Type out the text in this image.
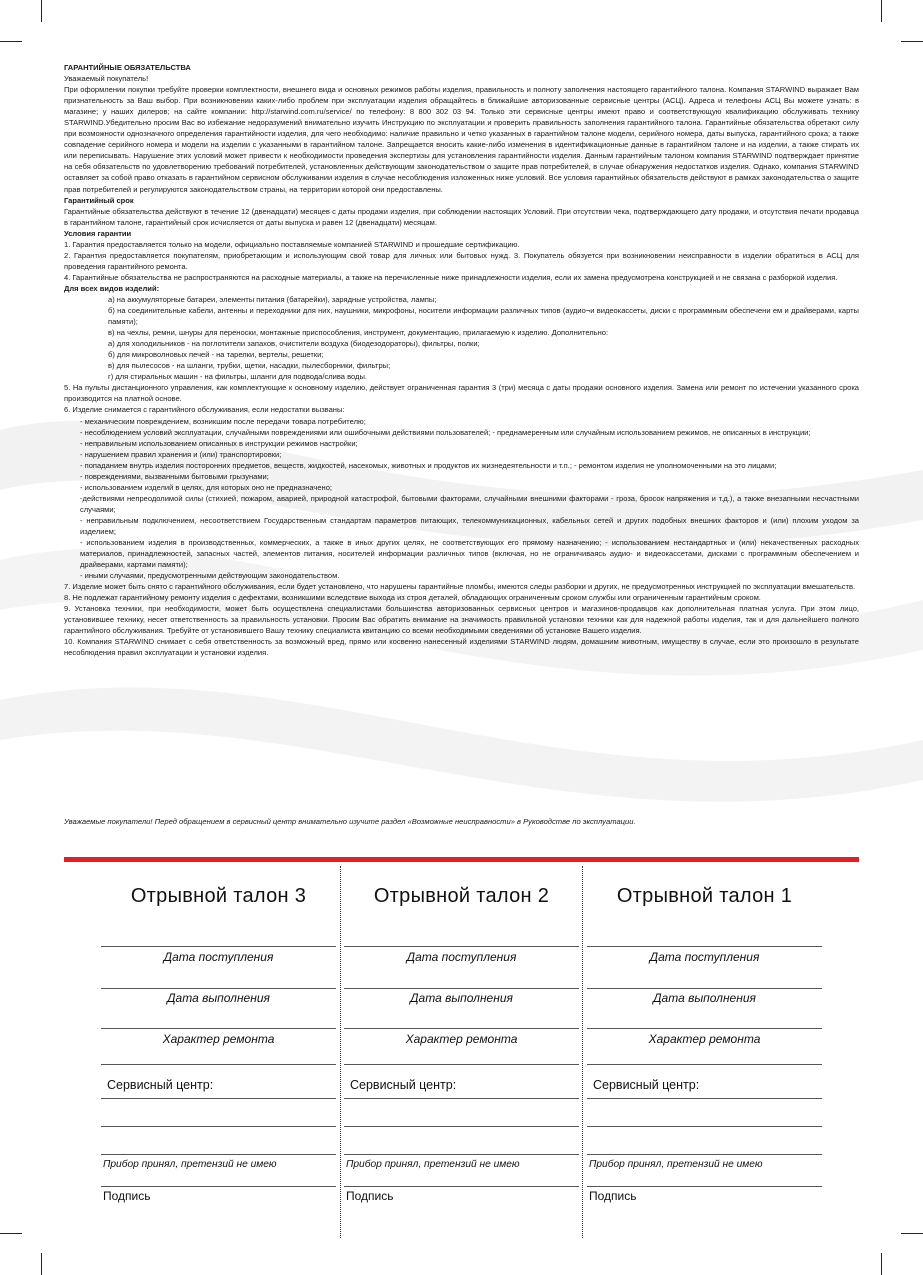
ГАРАНТИЙНЫЕ ОБЯЗАТЕЛЬСТВА

Уважаемый покупатель!

При оформлении покупки требуйте проверки комплектности, внешнего вида и основных режимов работы изделия, правильность и полноту заполнения настоящего гарантийного талона. Компания STARWIND выражает Вам признательность за Ваш выбор. При возникновении каких-либо проблем при эксплуатации изделия обращайтесь в ближайшие авторизованные сервисные центры (АСЦ). Адреса и телефоны АСЦ Вы можете узнать: в магазине; у наших дилеров; на сайте компании: http://starwind.com.ru/service/ по телефону: 8 800 302 03 94. Только эти сервисные центры имеют право и соответствующую квалификацию обслуживать технику STARWIND.Убедительно просим Вас во избежание недоразумений внимательно изучить Инструкцию по эксплуатации и проверить правильность заполнения гарантийного талона. Гарантийные обязательства обретают силу при возможности однозначного определения гарантийности изделия, для чего необходимо: наличие правильно и четко указанных в гарантийном талоне модели, серийного номера, даты выпуска, гарантийного срока; а также совпадение серийного номера и модели на изделии с указанными в гарантийном талоне. Запрещается вносить какие-либо изменения в идентификационные данные в гарантийном талоне и на изделии, а также стирать их или переписывать. Нарушение этих условий может привести к необходимости проведения экспертизы для установления гарантийности изделия. Данным гарантийным талоном компания STARWIND подтверждает принятие на себя обязательств по удовлетворению требований потребителей, установленных действующим законодательством о защите прав потребителей, в случае обнаружения недостатков изделия. Однако, компания STARWIND оставляет за собой право отказать в гарантийном сервисном обслуживании изделия в случае несоблюдения изложенных ниже условий. Все условия гарантийных обязательств действуют в рамках законодательства о защите прав потребителей и регулируются законодательством страны, на территории которой они предоставлены.

Гарантийный срок

Гарантийные обязательства действуют в течение 12 (двенадцати) месяцев с даты продажи изделия, при соблюдении настоящих Условий. При отсутствии чека, подтверждающего дату продажи, и отсутствия печати продавца в гарантийном талоне, гарантийный срок исчисляется от даты выпуска и равен 12 (двенадцати) месяцам.

Условия гарантии

1. Гарантия предоставляется только на модели, официально поставляемые компанией STARWIND и прошедшие сертификацию.

2. Гарантия предоставляется покупателям, приобретающим и использующим свой товар для личных или бытовых нужд. 3. Покупатель обязуется при возникновении неисправности в изделии обратиться в АСЦ для проведения гарантийного ремонта.

4. Гарантийные обязательства не распространяются на расходные материалы, а также на перечисленные ниже принадлежности изделия, если их замена предусмотрена конструкцией и не связана с разборкой изделия.

Для всех видов изделий:

а) на аккумуляторные батареи, элементы питания (батарейки), зарядные устройства, лампы;

б) на соединительные кабели, антенны и переходники для них, наушники, микрофоны, носители информации различных типов (аудио¬и видеокассеты, диски с программным обеспечени ем и драйверами, карты памяти);

в) на чехлы, ремни, шнуры для переноски, монтажные приспособления, инструмент, документацию, прилагаемую к изделию. Дополнительно:

а) для холодильников - на поглотители запахов, очистители воздуха (биодезодораторы), фильтры, полки;

б) для микроволновых печей - на тарелки, вертелы, решетки;

в) для пылесосов - на шланги, трубки, щетки, насадки, пылесборники, фильтры;

г) для стиральных машин - на фильтры, шланги для подвода/слива воды.

5. На пульты дистанционного управления, как комплектующие к основному изделию, действует ограниченная гарантия 3 (три) месяца с даты продажи основного изделия. Замена или ремонт по истечении указанного срока производится на платной основе.

6. Изделие снимается с гарантийного обслуживания, если недостатки вызваны:

- механическим повреждением, возникшим после передачи товара потребителю;

- несоблюдением условий эксплуатации, случайными повреждениями или ошибочными действиями пользователей; - преднамеренным или случайным использованием режимов, не описанных в инструкции;

- неправильным использованием описанных в инструкции режимов настройки;

- нарушением правил хранения и (или) транспортировки;

- попаданием внутрь изделия посторонних предметов, веществ, жидкостей, насекомых, животных и продуктов их жизнедеятельности и т.п.; - ремонтом изделия не уполномоченными на это лицами;

- повреждениями, вызванными бытовыми грызунами;

- использованием изделий в целях, для которых оно не предназначено;

-действиями непреодолимой силы (стихией, пожаром, аварией, природной катастрофой, бытовыми факторами, случайными внешними факторами - гроза, бросок напряжения и т.д.), а также внезапными несчастными случаями;

- неправильным подключением, несоответствием Государственным стандартам параметров питающих, телекоммуникационных, кабельных сетей и других подобных внешних факторов и (или) плохим уходом за изделием;

- использованием изделия в производственных, коммерческих, а также в иных других целях, не соответствующих его прямому назначению; - использованием нестандартных и (или) некачественных расходных материалов, принадлежностей, запасных частей, элементов питания, носителей информации различных типов (включая, но не ограничиваясь аудио- и видеокассетами, дисками с программным обеспечением и драйверами, картами памяти);

- иными случаями, предусмотренными действующим законодательством.

7. Изделие может быть снято с гарантийного обслуживания, если будет установлено, что нарушены гарантийные пломбы, имеются следы разборки и других, не предусмотренных инструкцией по эксплуатации вмешательств.

8. Не подлежат гарантийному ремонту изделия с дефектами, возникшими вследствие выхода из строя деталей, обладающих ограниченным сроком службы или ограниченным гарантийным сроком.

9. Установка техники, при необходимости, может быть осуществлена специалистами большинства авторизованных сервисных центров и магазинов-продавцов как дополнительная платная услуга. При этом лицо, установившее технику, несет ответственность за правильность установки. Просим Вас обратить внимание на значимость правильной установки техники как для надежной работы изделия, так и для дальнейшего полного гарантийного обслуживания. Требуйте от установившего Вашу технику специалиста квитанцию со всеми необходимыми сведениями об установке Вашего изделия.

10. Компания STARWIND снимает с себя ответственность за возможный вред, прямо или косвенно нанесенный изделиями STARWIND людям, домашним животным, имуществу в случае, если это произошло в результате несоблюдения правил эксплуатации и установки изделия.

Уважаемые покупатели! Перед обращением в сервисный центр внимательно изучите раздел «Возможные неисправности» в Руководстве по эксплуатации.
Отрывной талон 3
Дата поступления
Дата выполнения
Характер ремонта
Сервисный центр:
Прибор принял, претензий не имею
Подпись
Отрывной талон 2
Дата поступления
Дата выполнения
Характер ремонта
Сервисный центр:
Прибор принял, претензий не имею
Подпись
Отрывной талон 1
Дата поступления
Дата выполнения
Характер ремонта
Сервисный центр:
Прибор принял, претензий не имею
Подпись
